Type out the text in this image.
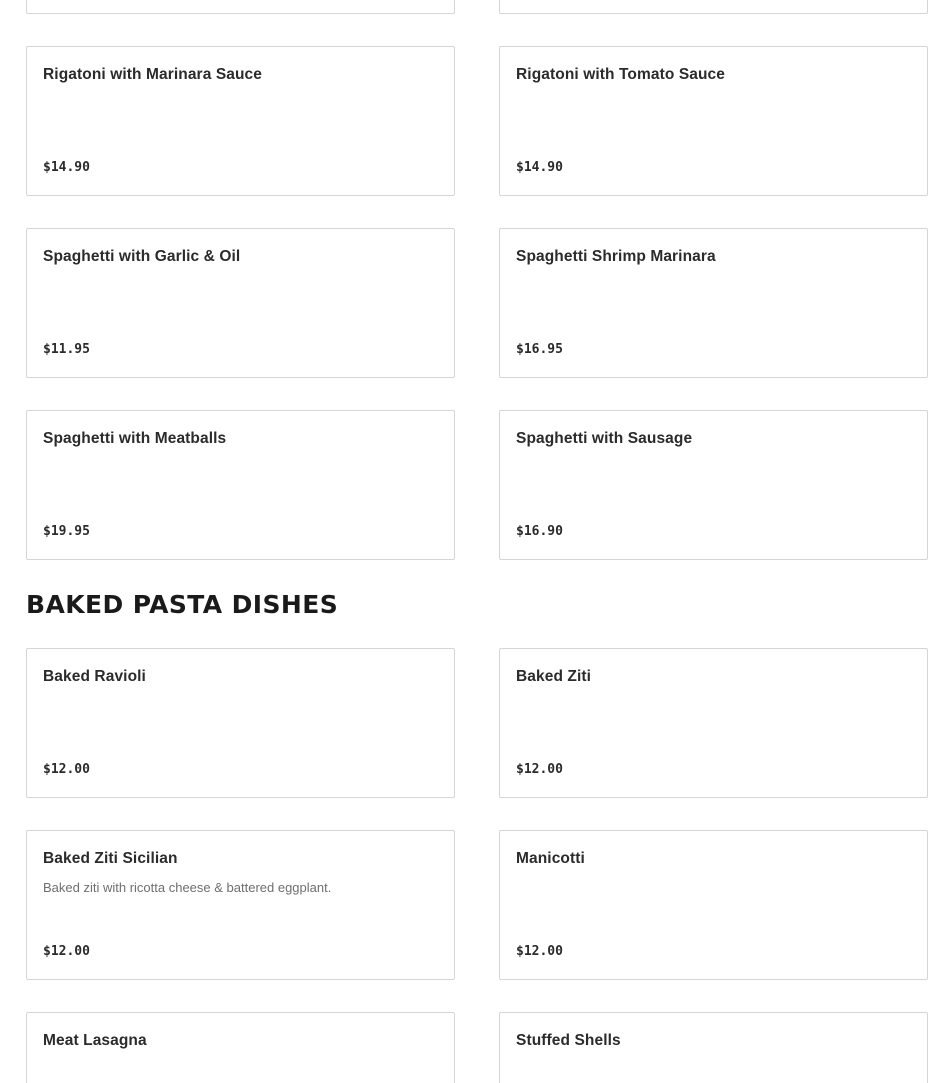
Rigatoni with Marinara Sauce
$14.90
Rigatoni with Tomato Sauce
$14.90
Spaghetti with Garlic & Oil
$11.95
Spaghetti Shrimp Marinara
$16.95
Spaghetti with Meatballs
$19.95
Spaghetti with Sausage
$16.90
BAKED PASTA DISHES
Baked Ravioli
$12.00
Baked Ziti
$12.00
Baked Ziti Sicilian
Baked ziti with ricotta cheese & battered eggplant.
$12.00
Manicotti
$12.00
Meat Lasagna	Stuffed Shells
